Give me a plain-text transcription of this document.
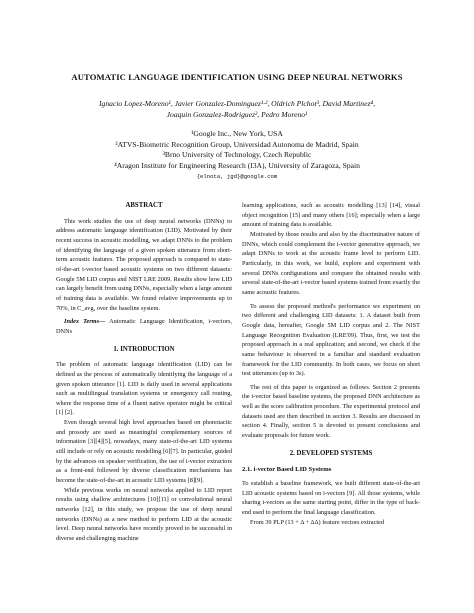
AUTOMATIC LANGUAGE IDENTIFICATION USING DEEP NEURAL NETWORKS
Ignacio Lopez-Moreno¹, Javier Gonzalez-Dominguez¹·², Oldrich Plchot³, David Martinez⁴,
Joaquin Gonzalez-Rodriguez², Pedro Moreno¹
¹Google Inc., New York, USA
²ATVS-Biometric Recognition Group, Universidad Autonoma de Madrid, Spain
³Brno University of Technology, Czech Republic
⁴Aragon Institute for Engineering Research (I3A), University of Zaragoza, Spain
{elnota, jgd}@google.com
ABSTRACT

This work studies the use of deep neural networks (DNNs) to address automatic language identification (LID). Motivated by their recent success in acoustic modelling, we adapt DNNs to the problem of identifying the language of a given spoken utterance from short-term acoustic features. The proposed approach is compared to state-of-the-art i-vector based acoustic systems on two different datasets: Google 5M LID corpus and NIST LRE 2009. Results show how LID can largely benefit from using DNNs, especially when a large amount of training data is available. We found relative improvements up to 70%, in C_avg, over the baseline system.

Index Terms— Automatic Language Identification, i-vectors, DNNs

1. INTRODUCTION

The problem of automatic language identification (LID) can be defined as the process of automatically identifying the language of a given spoken utterance [1]. LID is daily used in several applications such as multilingual translation systems or emergency call routing, where the response time of a fluent native operator might be critical [1] [2].

Even though several high level approaches based on phonotactic and prosody are used as meaningful complementary sources of information [3][4][5], nowadays, many state-of-the-art LID systems still include or rely on acoustic modelling [6][7]. In particular, guided by the advances on speaker verification, the use of i-vector extractors as a front-end followed by diverse classification mechanisms has become the state-of-the-art in acoustic LID systems [8][9].

While previous works on neural networks applied to LID report results using shallow architectures [10][11] or convolutional neural networks [12], in this study, we propose the use of deep neural networks (DNNs) as a new method to perform LID at the acoustic level. Deep neural networks have recently proved to be successful in diverse and challenging machine

learning applications, such as acoustic modelling [13] [14], visual object recognition [15] and many others [16]; especially when a large amount of training data is available.

Motivated by those results and also by the discriminative nature of DNNs, which could complement the i-vector generative approach, we adapt DNNs to work at the acoustic frame level to perform LID. Particularly, in this work, we build, explore and experiment with several DNNs configurations and compare the obtained results with several state-of-the-art i-vector based systems trained from exactly the same acoustic features.

To assess the proposed method's performance we experiment on two different and challenging LID datasets: 1. A dataset built from Google data, hereafter, Google 5M LID corpus and 2. The NIST Language Recognition Evaluation (LRE'09). Thus, first, we test the proposed approach in a real application; and second, we check if the same behaviour is observed in a familiar and standard evaluation framework for the LID community. In both cases, we focus on short test utterances (up to 3s).

The rest of this paper is organized as follows. Section 2 presents the i-vector based baseline systems, the proposed DNN architecture as well as the score calibration procedure. The experimental protocol and datasets used are then described in section 3. Results are discussed in section 4. Finally, section 5 is devoted to present conclusions and evaluate proposals for future work.

2. DEVELOPED SYSTEMS
2.1. i-vector Based LID Systems

To establish a baseline framework, we built different state-of-the-art LID acoustic systems based on i-vectors [9]. All those systems, while sharing i-vectors as the same starting point, differ in the type of back-end used to perform the final language classification.

From 39 PLP (13 + Δ + ΔΔ) feature vectors extracted
